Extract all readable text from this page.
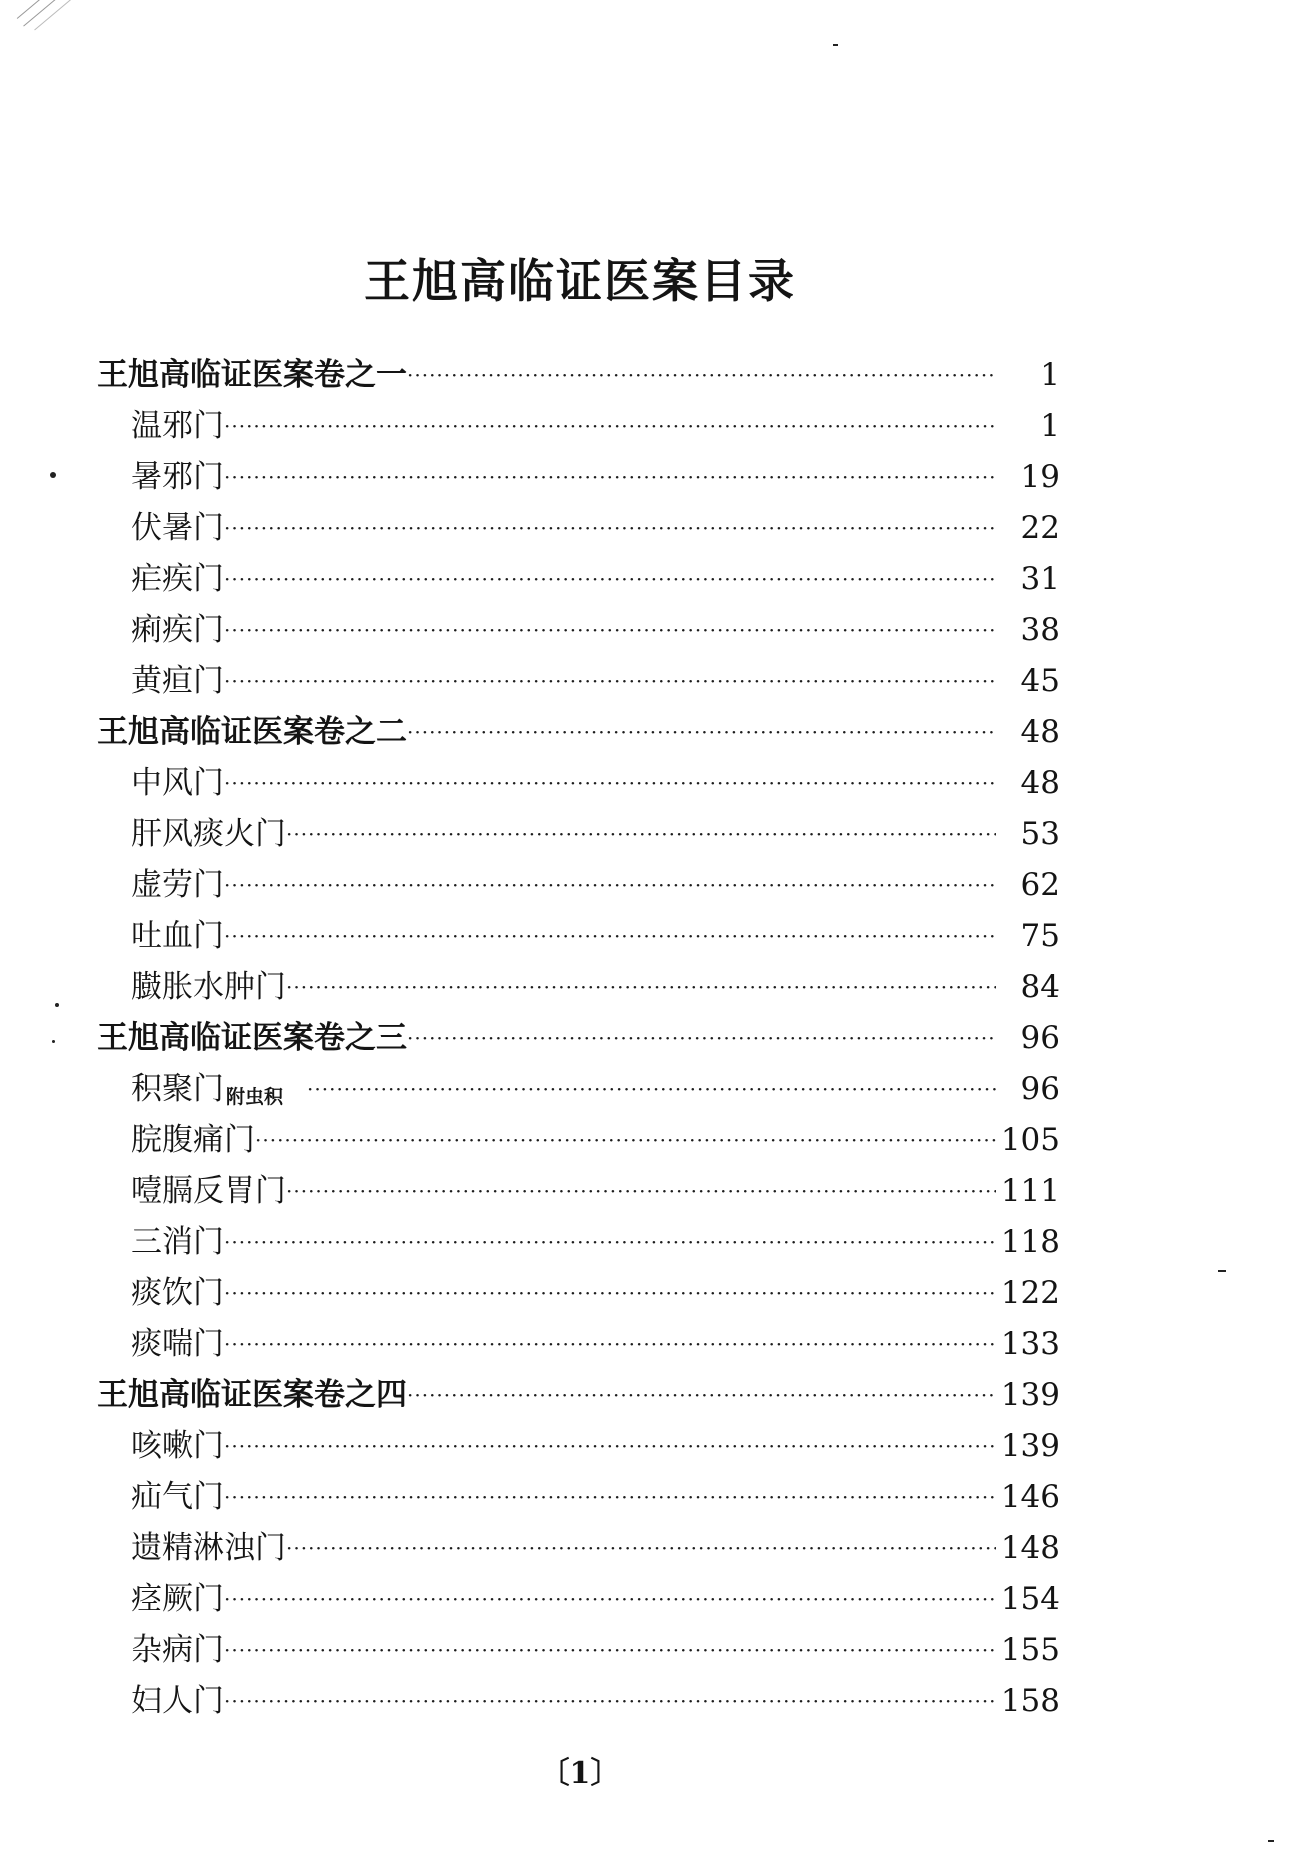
王旭高临证医案目录
王旭高临证医案卷之一 ·····	1
温邪门 ·····	1
暑邪门 ·····	19
伏暑门 ·····	22
疟疾门 ·····	31
痢疾门 ·····	38
黄疸门 ·····	45
王旭高临证医案卷之二 ·····	48
中风门 ·····	48
肝风痰火门 ·····	53
虚劳门 ·····	62
吐血门 ·····	75
臌胀水肿门 ·····	84
王旭高临证医案卷之三 ·····	96
积聚门 附虫积 ·····	96
脘腹痛门 ·····	105
噎膈反胃门 ·····	111
三消门 ·····	118
痰饮门 ·····	122
痰喘门 ·····	133
王旭高临证医案卷之四 ·····	139
咳嗽门 ·····	139
疝气门 ·····	146
遗精淋浊门 ·····	148
痉厥门 ·····	154
杂病门 ·····	155
妇人门 ·····	158
〔1〕
